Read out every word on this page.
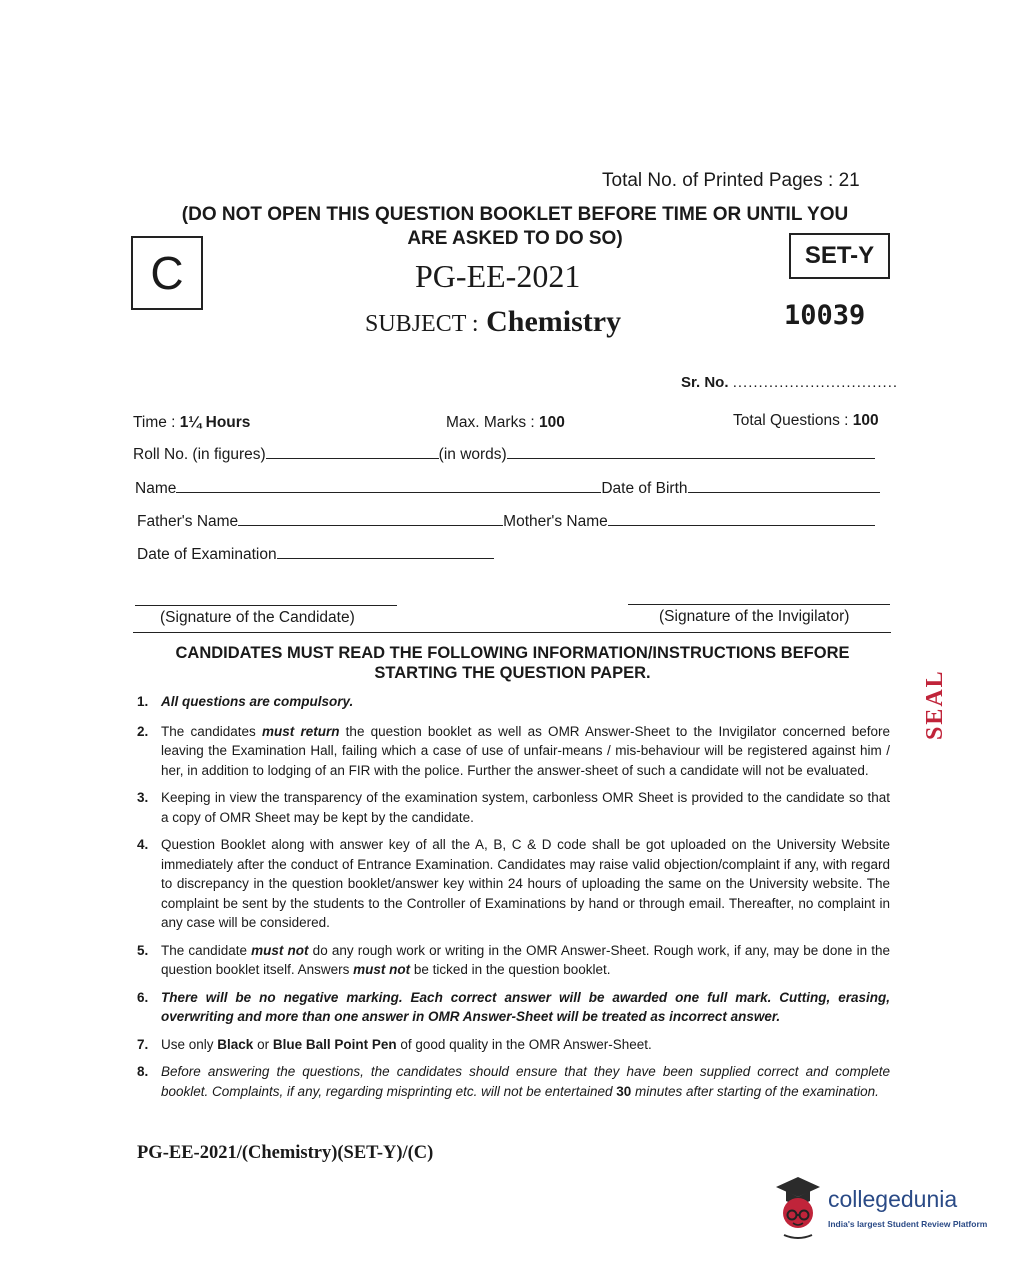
Total No. of Printed Pages : 21
(DO NOT OPEN THIS QUESTION BOOKLET BEFORE TIME OR UNTIL YOU
ARE ASKED TO DO SO)
C	SET-Y
PG-EE-2021
SUBJECT : Chemistry	10039
Sr. No. ................................
Time : 1¼ Hours	Max. Marks : 100	Total Questions : 100
Roll No. (in figures)	(in words)
Name	Date of Birth
Father's Name	Mother's Name
Date of Examination
(Signature of the Candidate)	(Signature of the Invigilator)
CANDIDATES MUST READ THE FOLLOWING INFORMATION/INSTRUCTIONS BEFORE
STARTING THE QUESTION PAPER.
1. All questions are compulsory.
2. The candidates must return the question booklet as well as OMR Answer-Sheet to the Invigilator concerned before leaving the Examination Hall, failing which a case of use of unfair-means / mis-behaviour will be registered against him / her, in addition to lodging of an FIR with the police. Further the answer-sheet of such a candidate will not be evaluated.
3. Keeping in view the transparency of the examination system, carbonless OMR Sheet is provided to the candidate so that a copy of OMR Sheet may be kept by the candidate.
4. Question Booklet along with answer key of all the A, B, C & D code shall be got uploaded on the University Website immediately after the conduct of Entrance Examination. Candidates may raise valid objection/complaint if any, with regard to discrepancy in the question booklet/answer key within 24 hours of uploading the same on the University website. The complaint be sent by the students to the Controller of Examinations by hand or through email. Thereafter, no complaint in any case will be considered.
5. The candidate must not do any rough work or writing in the OMR Answer-Sheet. Rough work, if any, may be done in the question booklet itself. Answers must not be ticked in the question booklet.
6. There will be no negative marking. Each correct answer will be awarded one full mark. Cutting, erasing, overwriting and more than one answer in OMR Answer-Sheet will be treated as incorrect answer.
7. Use only Black or Blue Ball Point Pen of good quality in the OMR Answer-Sheet.
8. Before answering the questions, the candidates should ensure that they have been supplied correct and complete booklet. Complaints, if any, regarding misprinting etc. will not be entertained 30 minutes after starting of the examination.
PG-EE-2021/(Chemistry)(SET-Y)/(C)
SEAL
collegedunia
India's largest Student Review Platform
